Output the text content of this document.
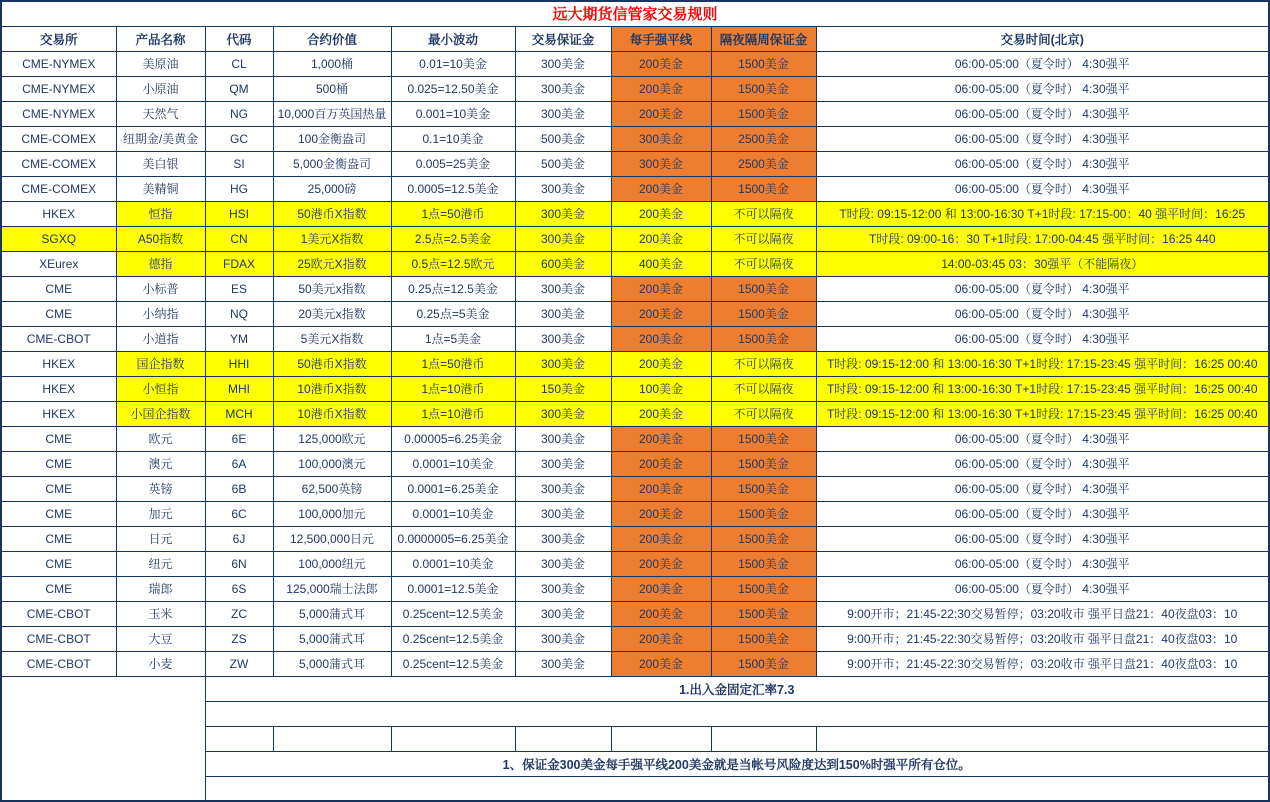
远大期货信管家交易规则								
交易所	产品名称	代码	合约价值	最小波动	交易保证金	每手强平线	隔夜隔周保证金	交易时间(北京)
CME-NYMEX	美原油	CL	1,000桶	0.01=10美金	300美金	200美金	1500美金	06:00-05:00（夏令时） 4:30强平
CME-NYMEX	小原油	QM	500桶	0.025=12.50美金	300美金	200美金	1500美金	06:00-05:00（夏令时） 4:30强平
CME-NYMEX	天然气	NG	10,000百万英国热量	0.001=10美金	300美金	200美金	1500美金	06:00-05:00（夏令时） 4:30强平
CME-COMEX	纽期金/美黄金	GC	100金衡盎司	0.1=10美金	500美金	300美金	2500美金	06:00-05:00（夏令时） 4:30强平
CME-COMEX	美白银	SI	5,000金衡盎司	0.005=25美金	500美金	300美金	2500美金	06:00-05:00（夏令时） 4:30强平
CME-COMEX	美精铜	HG	25,000磅	0.0005=12.5美金	300美金	200美金	1500美金	06:00-05:00（夏令时） 4:30强平
HKEX	恒指	HSI	50港币X指数	1点=50港币	300美金	200美金	不可以隔夜	T时段: 09:15-12:00 和 13:00-16:30 T+1时段: 17:15-00：40 强平时间：16:25
SGXQ	A50指数	CN	1美元X指数	2.5点=2.5美金	300美金	200美金	不可以隔夜	T时段: 09:00-16：30 T+1时段: 17:00-04:45 强平时间：16:25 440
XEurex	德指	FDAX	25欧元X指数	0.5点=12.5欧元	600美金	400美金	不可以隔夜	14:00-03:45 03：30强平（不能隔夜）
CME	小标普	ES	50美元x指数	0.25点=12.5美金	300美金	200美金	1500美金	06:00-05:00（夏令时） 4:30强平
CME	小纳指	NQ	20美元x指数	0.25点=5美金	300美金	200美金	1500美金	06:00-05:00（夏令时） 4:30强平
CME-CBOT	小道指	YM	5美元X指数	1点=5美金	300美金	200美金	1500美金	06:00-05:00（夏令时） 4:30强平
HKEX	国企指数	HHI	50港币X指数	1点=50港币	300美金	200美金	不可以隔夜	T时段: 09:15-12:00 和 13:00-16:30 T+1时段: 17:15-23:45 强平时间：16:25 00:40
HKEX	小恒指	MHI	10港币X指数	1点=10港币	150美金	100美金	不可以隔夜	T时段: 09:15-12:00 和 13:00-16:30 T+1时段: 17:15-23:45 强平时间：16:25 00:40
HKEX	小国企指数	MCH	10港币X指数	1点=10港币	300美金	200美金	不可以隔夜	T时段: 09:15-12:00 和 13:00-16:30 T+1时段: 17:15-23:45 强平时间：16:25 00:40
CME	欧元	6E	125,000欧元	0.00005=6.25美金	300美金	200美金	1500美金	06:00-05:00（夏令时） 4:30强平
CME	澳元	6A	100,000澳元	0.0001=10美金	300美金	200美金	1500美金	06:00-05:00（夏令时） 4:30强平
CME	英镑	6B	62,500英镑	0.0001=6.25美金	300美金	200美金	1500美金	06:00-05:00（夏令时） 4:30强平
CME	加元	6C	100,000加元	0.0001=10美金	300美金	200美金	1500美金	06:00-05:00（夏令时） 4:30强平
CME	日元	6J	12,500,000日元	0.0000005=6.25美金	300美金	200美金	1500美金	06:00-05:00（夏令时） 4:30强平
CME	纽元	6N	100,000纽元	0.0001=10美金	300美金	200美金	1500美金	06:00-05:00（夏令时） 4:30强平
CME	瑞郎	6S	125,000瑞士法郎	0.0001=12.5美金	300美金	200美金	1500美金	06:00-05:00（夏令时） 4:30强平
CME-CBOT	玉米	ZC	5,000蒲式耳	0.25cent=12.5美金	300美金	200美金	1500美金	9:00开市；21:45-22:30交易暂停；03:20收市 强平日盘21：40夜盘03：10
CME-CBOT	大豆	ZS	5,000蒲式耳	0.25cent=12.5美金	300美金	200美金	1500美金	9:00开市；21:45-22:30交易暂停；03:20收市 强平日盘21：40夜盘03：10
CME-CBOT	小麦	ZW	5,000蒲式耳	0.25cent=12.5美金	300美金	200美金	1500美金	9:00开市；21:45-22:30交易暂停；03:20收市 强平日盘21：40夜盘03：10
		1.出入金固定汇率7.3						

		1、保证金300美金每手强平线200美金就是当帐号风险度达到150%时强平所有仓位。						
